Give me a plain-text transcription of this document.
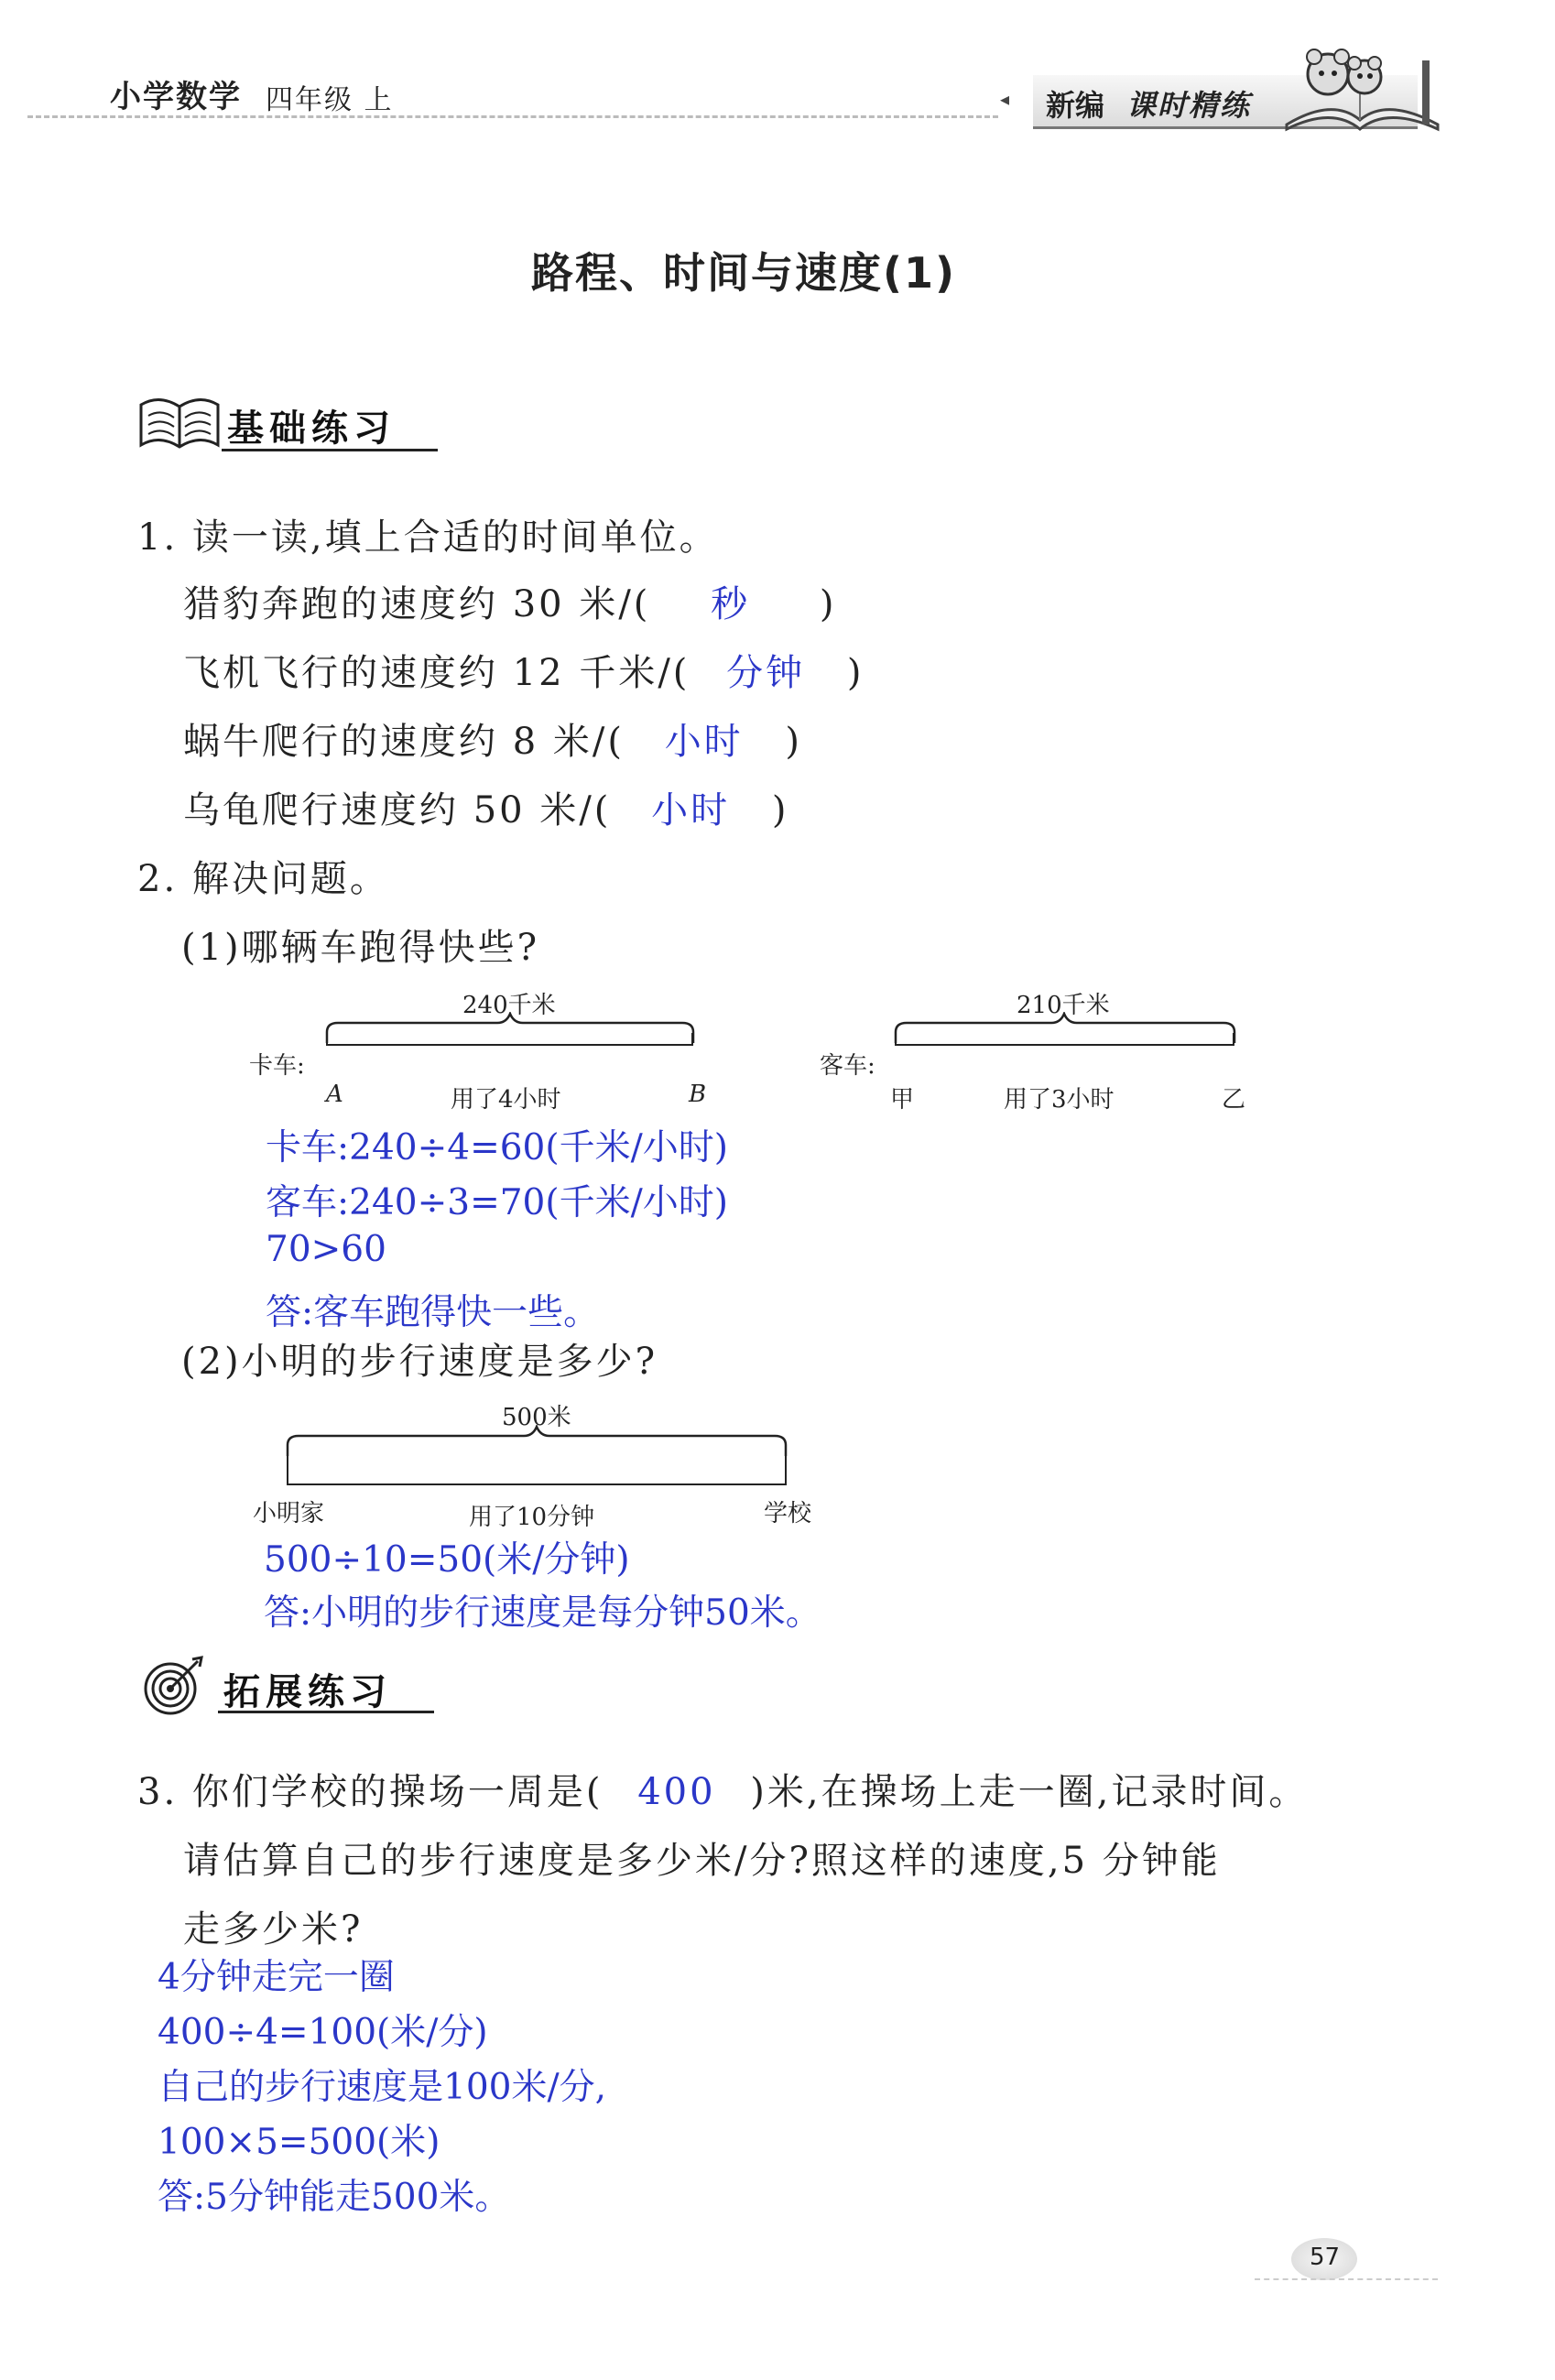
小学数学 四年级 上	◂ 新编 课时精练
路程、时间与速度(1)
基础练习
1. 读一读,填上合适的时间单位。
猎豹奔跑的速度约 30 米/( 秒 )
飞机飞行的速度约 12 千米/( 分钟 )
蜗牛爬行的速度约 8 米/( 小时 )
乌龟爬行速度约 50 米/( 小时 )
2. 解决问题。
(1)哪辆车跑得快些?
卡车:
240千米
A	用了4小时	B
客车:
210千米
甲	用了3小时	乙
卡车:240÷4=60(千米/小时)
客车:240÷3=70(千米/小时)
70>60
答:客车跑得快一些。
(2)小明的步行速度是多少?
500米
小明家	用了10分钟	学校
500÷10=50(米/分钟)
答:小明的步行速度是每分钟50米。
拓展练习
3. 你们学校的操场一周是( 400 )米,在操场上走一圈,记录时间。
请估算自己的步行速度是多少米/分?照这样的速度,5 分钟能
走多少米?
4分钟走完一圈
400÷4=100(米/分)
自己的步行速度是100米/分,
100×5=500(米)
答:5分钟能走500米。
57
